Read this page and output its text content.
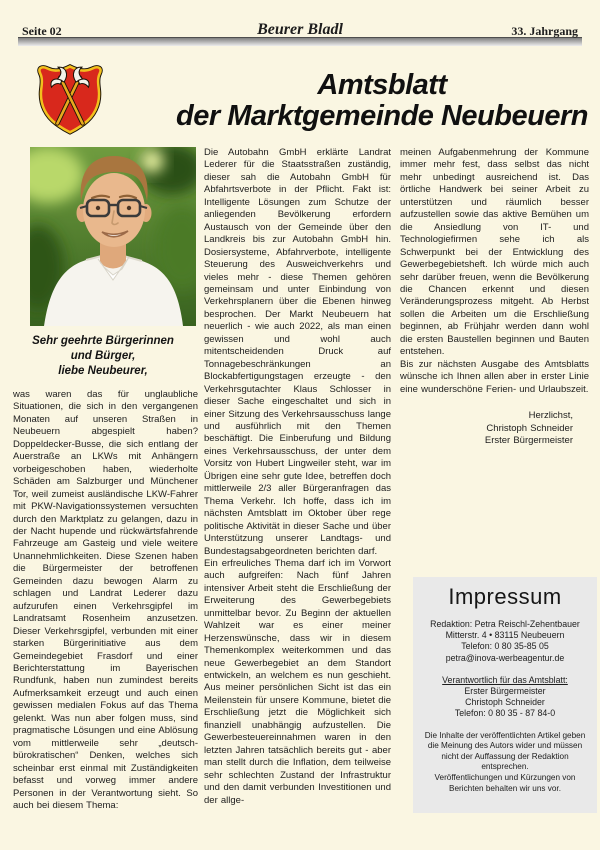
Seite 02	Beurer Bladl	33. Jahrgang
Amtsblatt
der Marktgemeinde Neubeuern
Sehr geehrte Bürgerinnen
und Bürger,
liebe Neubeurer,

was waren das für unglaubliche Situationen, die sich in den vergangenen Monaten auf unseren Straßen in Neubeuern abgespielt haben? Doppeldecker-Busse, die sich entlang der Auerstraße an LKWs mit Anhängern vorbeigeschoben haben, wiederholte Schäden am Salzburger und Münchener Tor, weil zumeist ausländische LKW-Fahrer mit PKW-Navigationssystemen versuchten durch den Marktplatz zu gelangen, dazu in der Nacht hupende und rückwärtsfahrende Fahrzeuge am Gasteig und viele weitere Unannehmlichkeiten. Diese Szenen haben die Bürgermeister der betroffenen Gemeinden dazu bewogen Alarm zu schlagen und Landrat Lederer dazu aufzurufen einen Verkehrsgipfel im Landratsamt Rosenheim anzusetzen. Dieser Verkehrsgipfel, verbunden mit einer starken Bürgerinitiative aus dem Gemeindegebiet Frasdorf und einer Berichterstattung im Bayerischen Rundfunk, haben nun zumindest bereits Aufmerksamkeit erzeugt und auch einen gewissen medialen Fokus auf das Thema gelenkt. Was nun aber folgen muss, sind pragmatische Lösungen und eine Ablösung vom mittlerweile sehr „deutsch-bürokratischen“ Denken, welches sich scheinbar erst einmal mit Zuständigkeiten befasst und vorweg immer andere Personen in der Verantwortung sieht. So auch bei diesem Thema:

Die Autobahn GmbH erklärte Landrat Lederer für die Staatsstraßen zuständig, dieser sah die Autobahn GmbH für Abfahrtsverbote in der Pflicht. Fakt ist: Intelligente Lösungen zum Schutze der anliegenden Bevölkerung erfordern Austausch von der Gemeinde über den Landkreis bis zur Autobahn GmbH hin. Dosiersysteme, Abfahrverbote, intelligente Steuerung des Ausweichverkehrs und vieles mehr - diese Themen gehören gemeinsam und unter Einbindung von Verkehrsplanern über die Ebenen hinweg besprochen. Der Markt Neubeuern hat neuerlich - wie auch 2022, als man einen gewissen und wohl auch mitentscheidenden Druck auf Tonnagebeschränkungen an Blockabfertigungstagen erzeugte - den Verkehrsgutachter Klaus Schlosser in dieser Sache eingeschaltet und sich in einer Sitzung des Verkehrsausschuss lange und ausführlich mit den Themen beschäftigt. Die Einberufung und Bildung eines Verkehrsausschuss, der unter dem Vorsitz von Hubert Lingweiler steht, war im Übrigen eine sehr gute Idee, betreffen doch mittlerweile 2/3 aller Bürgeranfragen das Thema Verkehr. Ich hoffe, dass ich im nächsten Amtsblatt im Oktober über rege politische Aktivität in dieser Sache und über Unterstützung unserer Landtags- und Bundestagsabgeordneten berichten darf.

Ein erfreuliches Thema darf ich im Vorwort auch aufgreifen: Nach fünf Jahren intensiver Arbeit steht die Erschließung der Erweiterung des Gewerbegebiets unmittelbar bevor. Zu Beginn der aktuellen Wahlzeit war es einer meiner Herzenswünsche, dass wir in diesem Themenkomplex weiterkommen und das neue Gewerbegebiet an dem Standort entwickeln, an welchem es nun geschieht. Aus meiner persönlichen Sicht ist das ein Meilenstein für unsere Kommune, bietet die Erschließung jetzt die Möglichkeit sich finanziell unabhängig aufzustellen. Die Gewerbesteuereinnahmen waren in den letzten Jahren tatsächlich bereits gut - aber man stellt durch die Inflation, dem teilweise sehr schlechten Zustand der Infrastruktur und den damit verbunden Investitionen und der allge-

meinen Aufgabenmehrung der Kommune immer mehr fest, dass selbst das nicht mehr unbedingt ausreichend ist. Das örtliche Handwerk bei seiner Arbeit zu unterstützen und räumlich besser aufzustellen sowie das aktive Bemühen um die Ansiedlung von IT- und Technologiefirmen sehe ich als Schwerpunkt bei der Entwicklung des Gewerbegebietsheft. Ich würde mich auch sehr darüber freuen, wenn die Bevölkerung die Chancen erkennt und diesen Veränderungsprozess mitgeht. Ab Herbst sollen die Arbeiten um die Erschließung beginnen, ab Frühjahr werden dann wohl die ersten Baustellen beginnen und Bauten entstehen.

Bis zur nächsten Ausgabe des Amtsblatts wünsche ich Ihnen allen aber in erster Linie eine wunderschöne Ferien- und Urlaubszeit.

Herzlichst,
Christoph Schneider
Erster Bürgermeister
Impressum
Redaktion: Petra Reischl-Zehentbauer
Mitterstr. 4 • 83115 Neubeuern
Telefon: 0 80 35-85 05
petra@inova-werbeagentur.de
Verantwortlich für das Amtsblatt:
Erster Bürgermeister
Christoph Schneider
Telefon: 0 80 35 - 87 84-0
Die Inhalte der veröffentlichten Artikel geben die Meinung des Autors wider und müssen nicht der Auffassung der Redaktion entsprechen.
Veröffentlichungen und Kürzungen von Berichten behalten wir uns vor.
